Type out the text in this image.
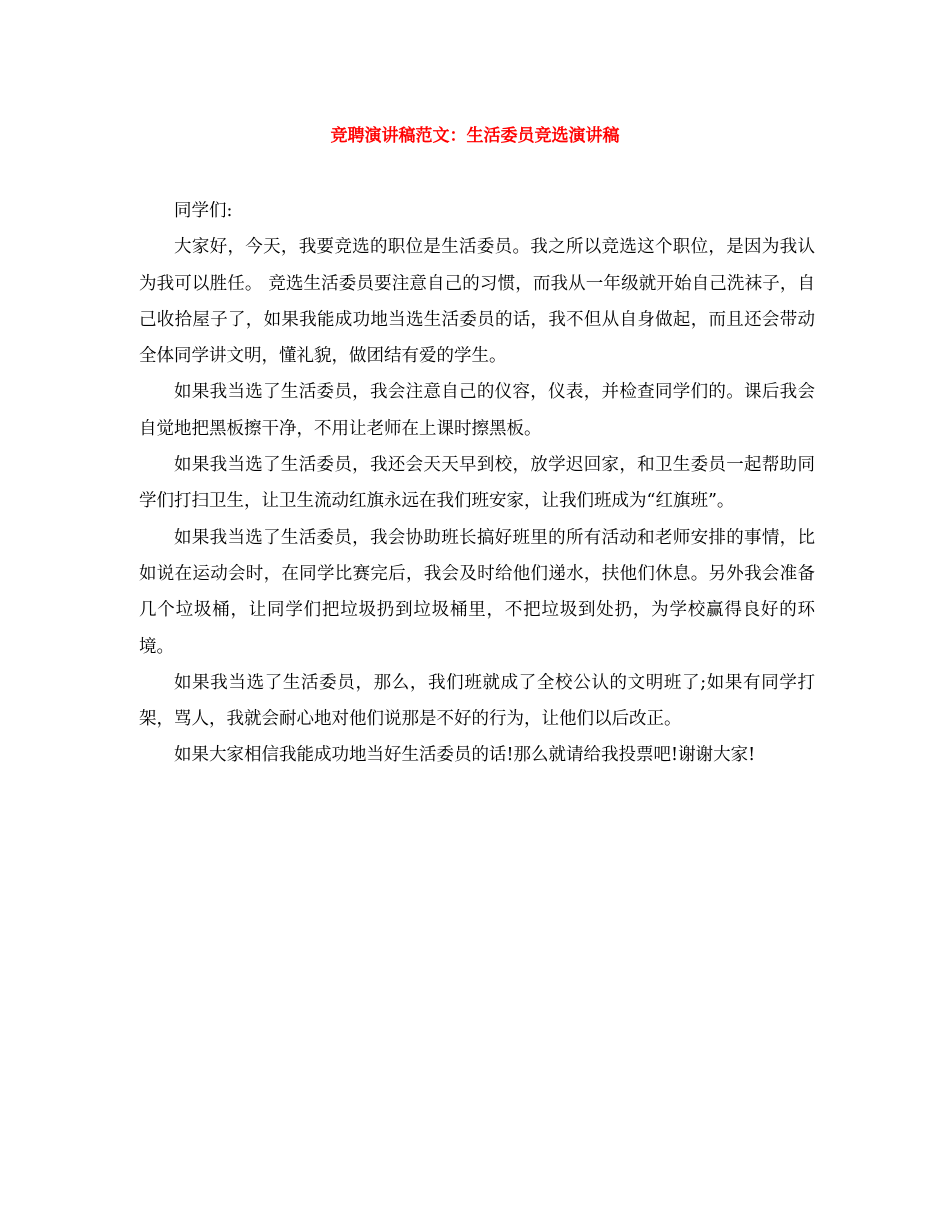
竞聘演讲稿范文：生活委员竞选演讲稿

同学们:

大家好，今天，我要竞选的职位是生活委员。我之所以竞选这个职位，是因为我认为我可以胜任。 竞选生活委员要注意自己的习惯，而我从一年级就开始自己洗袜子，自己收拾屋子了，如果我能成功地当选生活委员的话，我不但从自身做起，而且还会带动全体同学讲文明，懂礼貌，做团结有爱的学生。

如果我当选了生活委员，我会注意自己的仪容，仪表，并检查同学们的。课后我会自觉地把黑板擦干净，不用让老师在上课时擦黑板。

如果我当选了生活委员，我还会天天早到校，放学迟回家，和卫生委员一起帮助同学们打扫卫生，让卫生流动红旗永远在我们班安家，让我们班成为“红旗班”。

如果我当选了生活委员，我会协助班长搞好班里的所有活动和老师安排的事情，比如说在运动会时，在同学比赛完后，我会及时给他们递水，扶他们休息。另外我会准备几个垃圾桶，让同学们把垃圾扔到垃圾桶里，不把垃圾到处扔，为学校赢得良好的环境。

如果我当选了生活委员，那么，我们班就成了全校公认的文明班了;如果有同学打架，骂人，我就会耐心地对他们说那是不好的行为，让他们以后改正。

如果大家相信我能成功地当好生活委员的话!那么就请给我投票吧!谢谢大家!
